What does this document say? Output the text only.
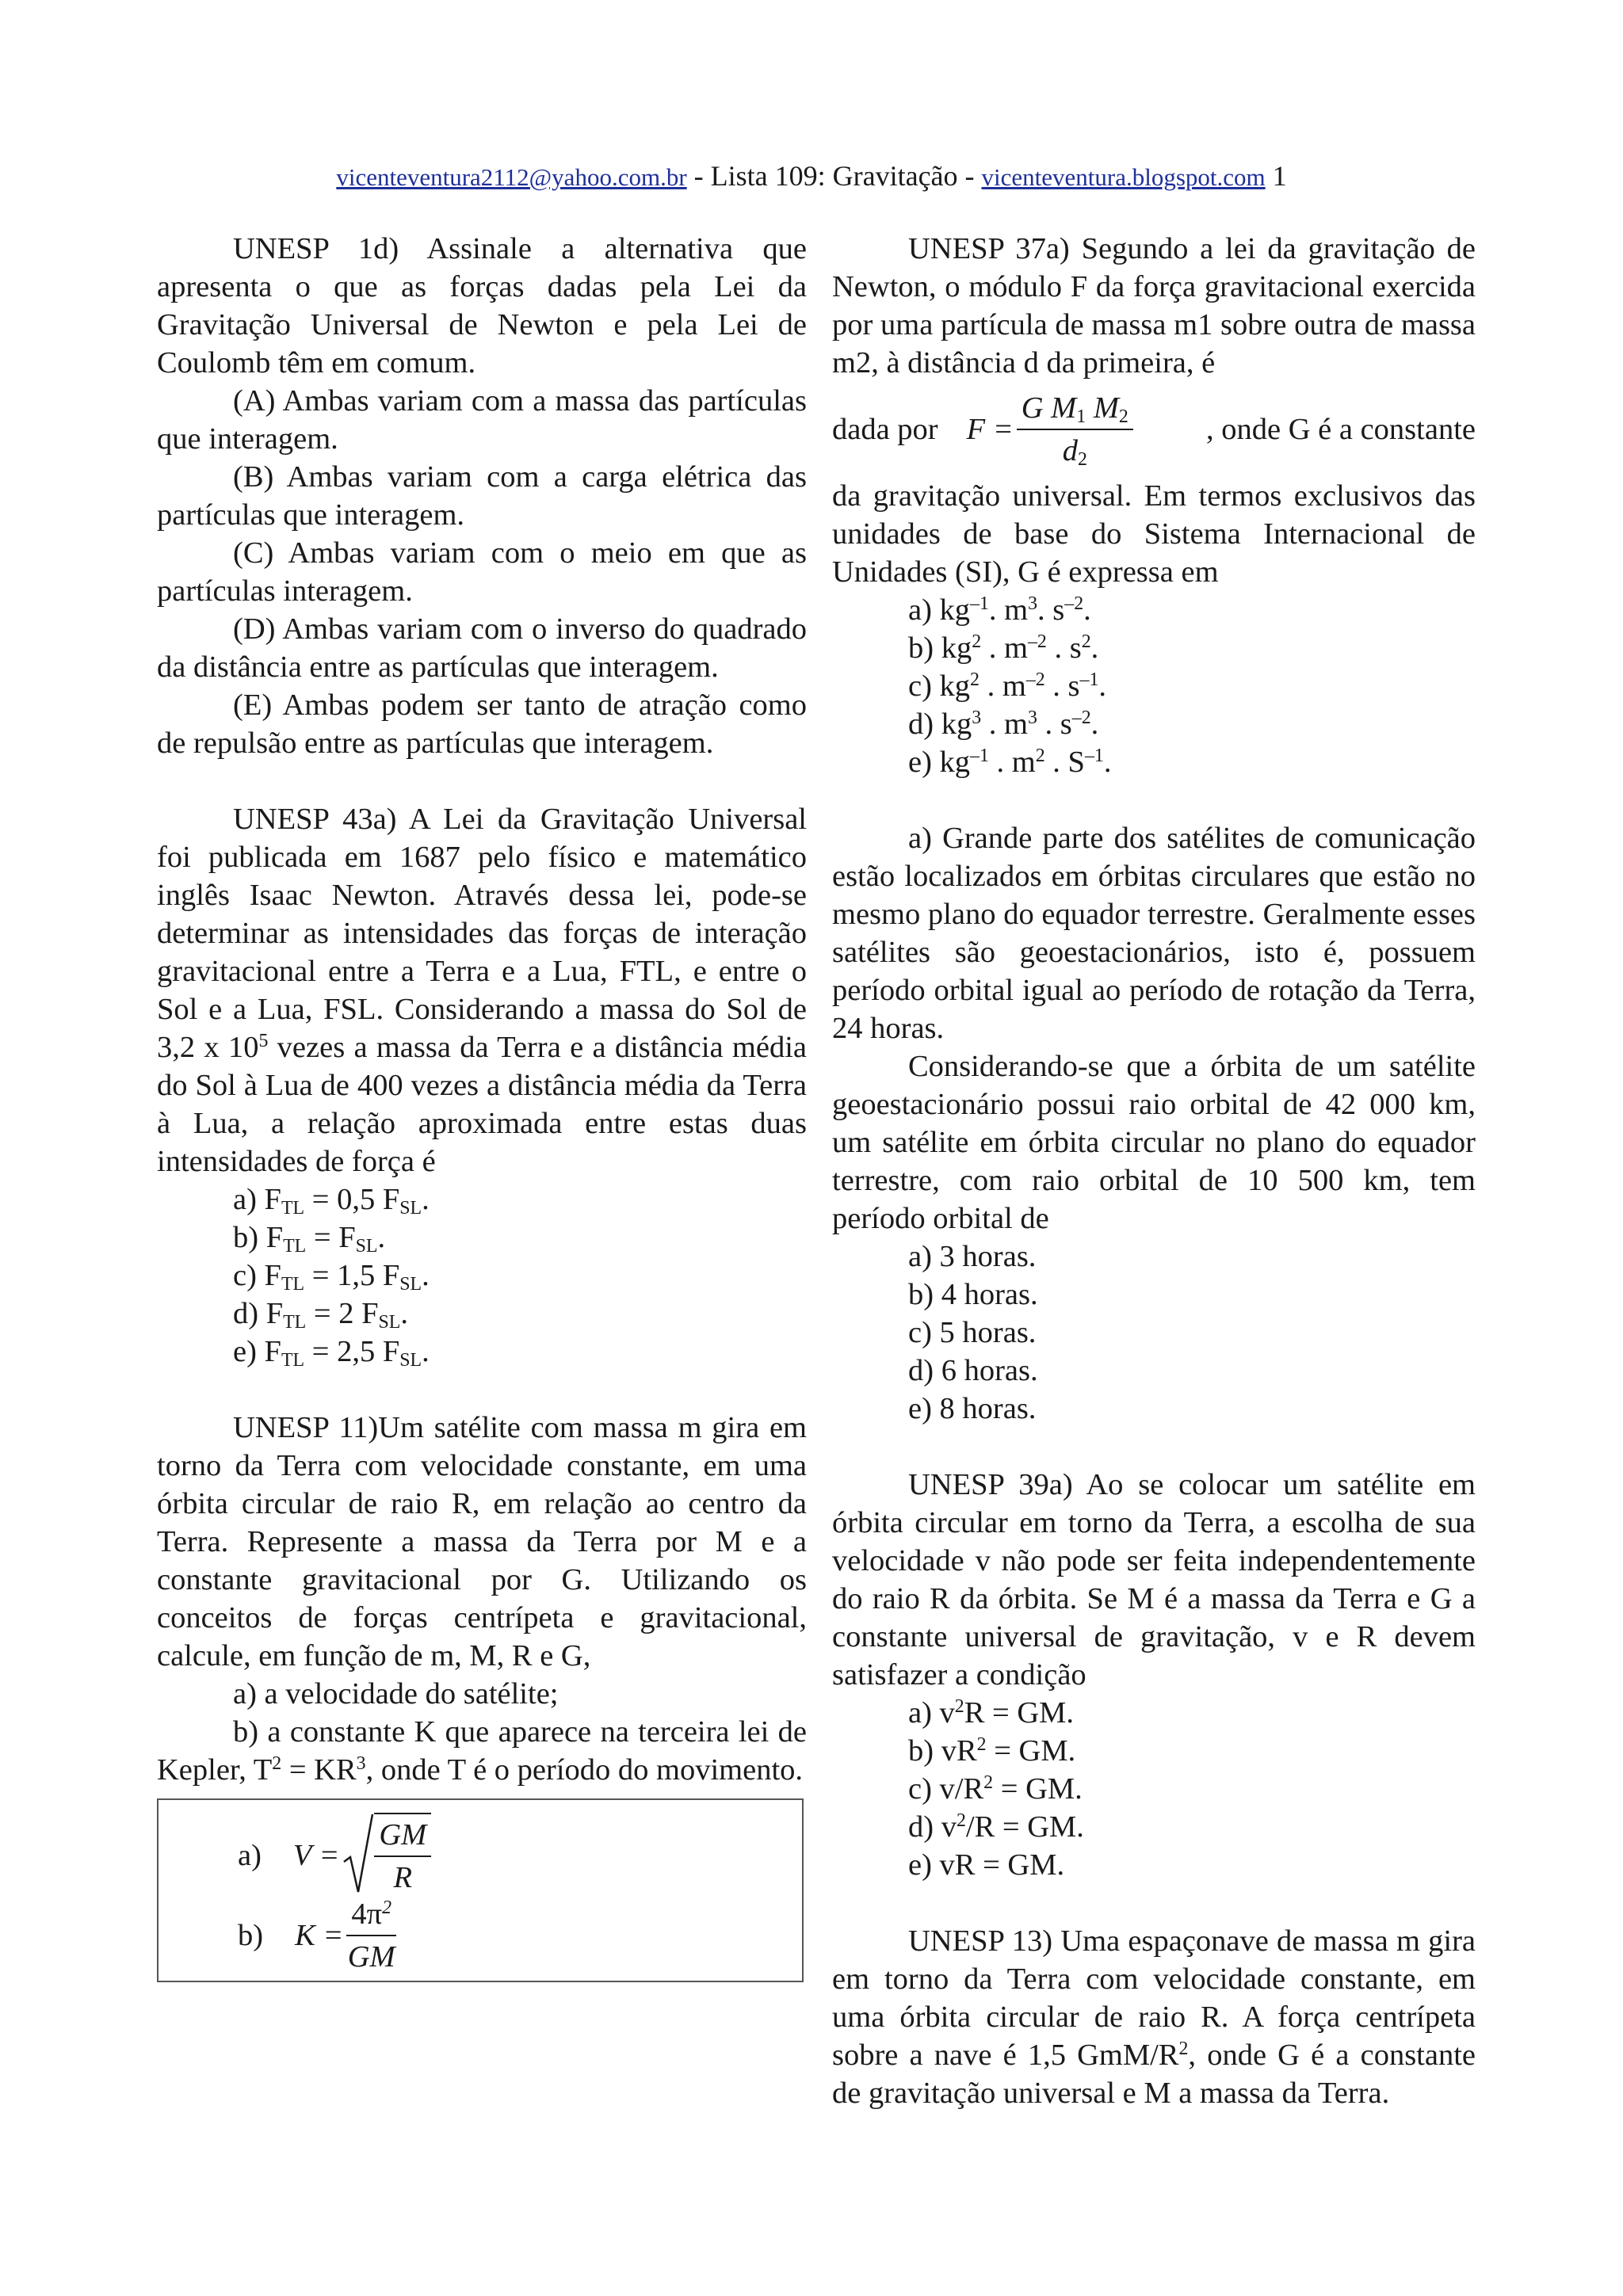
vicenteventura2112@yahoo.com.br - Lista 109: Gravitação - vicenteventura.blogspot.com 1

UNESP 1d) Assinale a alternativa que apresenta o que as forças dadas pela Lei da Gravitação Universal de Newton e pela Lei de Coulomb têm em comum.

(A) Ambas variam com a massa das partículas que interagem.

(B) Ambas variam com a carga elétrica das partículas que interagem.

(C) Ambas variam com o meio em que as partículas interagem.

(D) Ambas variam com o inverso do quadrado da distância entre as partículas que interagem.

(E) Ambas podem ser tanto de atração como de repulsão entre as partículas que interagem.

UNESP 43a) A Lei da Gravitação Universal foi publicada em 1687 pelo físico e matemático inglês Isaac Newton. Através dessa lei, pode-se determinar as intensidades das forças de interação gravitacional entre a Terra e a Lua, FTL, e entre o Sol e a Lua, FSL. Considerando a massa do Sol de 3,2 x $10^5$ vezes a massa da Terra e a distância média do Sol à Lua de 400 vezes a distância média da Terra à Lua, a relação aproximada entre estas duas intensidades de força é

a) $F_{TL} = 0,5$ $F_{SL}$.

b) $F_{TL} = F_{SL}$.

c) $F_{TL} = 1,5$ $F_{SL}$.

d) $F_{TL} = 2$ $F_{SL}$.

e) $F_{TL} = 2,5$ $F_{SL}$.

UNESP 11)Um satélite com massa m gira em torno da Terra com velocidade constante, em uma órbita circular de raio R, em relação ao centro da Terra. Represente a massa da Terra por M e a constante gravitacional por G. Utilizando os conceitos de forças centrípeta e gravitacional, calcule, em função de m, M, R e G,

a) a velocidade do satélite;

b) a constante K que aparece na terceira lei de Kepler, $T^2 = KR^3$, onde T é o período do movimento.

a) $V = \frac{GM}{R}$
b) $K = \frac{4\pi^2}{GM}$

UNESP 37a) Segundo a lei da gravitação de Newton, o módulo F da força gravitacional exercida por uma partícula de massa m1 sobre outra de massa m2, à distância d da primeira, é

dada por $F = \frac{G M_1 M_2}{d_2}$ , onde G é a constante

da gravitação universal. Em termos exclusivos das unidades de base do Sistema Internacional de Unidades (SI), G é expressa em

a) $kg^{-1}$. $m^3$. $s^{-2}$.

b) $kg^2$ . $m^{-2}$ . $s^2$.

c) $kg^2$ . $m^{-2}$ . $s^{-1}$.

d) $kg^3$ . $m^3$ . $s^{-2}$.

e) $kg^{-1}$ . $m^2$ . $S^{-1}$.

a) Grande parte dos satélites de comunicação estão localizados em órbitas circulares que estão no mesmo plano do equador terrestre. Geralmente esses satélites são geoestacionários, isto é, possuem período orbital igual ao período de rotação da Terra, 24 horas.

Considerando-se que a órbita de um satélite geoestacionário possui raio orbital de 42 000 km, um satélite em órbita circular no plano do equador terrestre, com raio orbital de 10 500 km, tem período orbital de

a) 3 horas.

b) 4 horas.

c) 5 horas.

d) 6 horas.

e) 8 horas.

UNESP 39a) Ao se colocar um satélite em órbita circular em torno da Terra, a escolha de sua velocidade v não pode ser feita independentemente do raio R da órbita. Se M é a massa da Terra e G a constante universal de gravitação, v e R devem satisfazer a condição

a) $v^2R$ = GM.

b) $vR^2$ = GM.

c) $v/R^2$ = GM.

d) $v^2/R$ = GM.

e) vR = GM.

UNESP 13) Uma espaçonave de massa m gira em torno da Terra com velocidade constante, em uma órbita circular de raio R. A força centrípeta sobre a nave é 1,5 GmM/$R^2$, onde G é a constante de gravitação universal e M a massa da Terra.
